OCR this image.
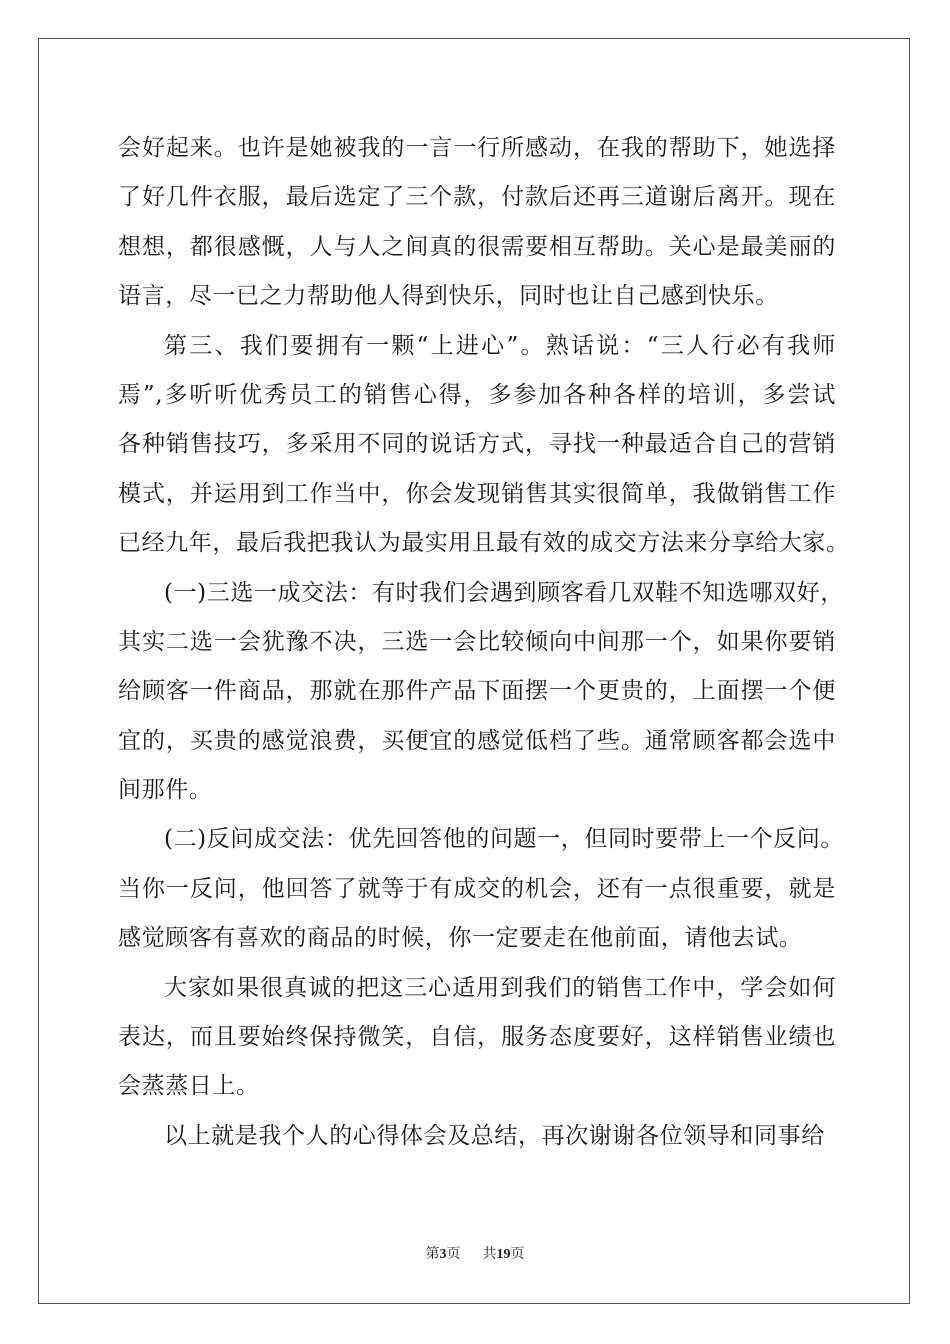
会好起来。也许是她被我的一言一行所感动，在我的帮助下，她选择
了好几件衣服，最后选定了三个款，付款后还再三道谢后离开。现在
想想，都很感慨，人与人之间真的很需要相互帮助。关心是最美丽的
语言，尽一已之力帮助他人得到快乐，同时也让自己感到快乐。
第三、我们要拥有一颗“上进心”。熟话说：“三人行必有我师
焉”,多听听优秀员工的销售心得，多参加各种各样的培训，多尝试
各种销售技巧，多采用不同的说话方式，寻找一种最适合自己的营销
模式，并运用到工作当中，你会发现销售其实很简单，我做销售工作
已经九年，最后我把我认为最实用且最有效的成交方法来分享给大家。
(一)三选一成交法：有时我们会遇到顾客看几双鞋不知选哪双好，
其实二选一会犹豫不决，三选一会比较倾向中间那一个，如果你要销
给顾客一件商品，那就在那件产品下面摆一个更贵的，上面摆一个便
宜的，买贵的感觉浪费，买便宜的感觉低档了些。通常顾客都会选中
间那件。
(二)反问成交法：优先回答他的问题一，但同时要带上一个反问。
当你一反问，他回答了就等于有成交的机会，还有一点很重要，就是
感觉顾客有喜欢的商品的时候，你一定要走在他前面，请他去试。
大家如果很真诚的把这三心适用到我们的销售工作中，学会如何
表达，而且要始终保持微笑，自信，服务态度要好，这样销售业绩也
会蒸蒸日上。
以上就是我个人的心得体会及总结，再次谢谢各位领导和同事给
第3页 共19页
